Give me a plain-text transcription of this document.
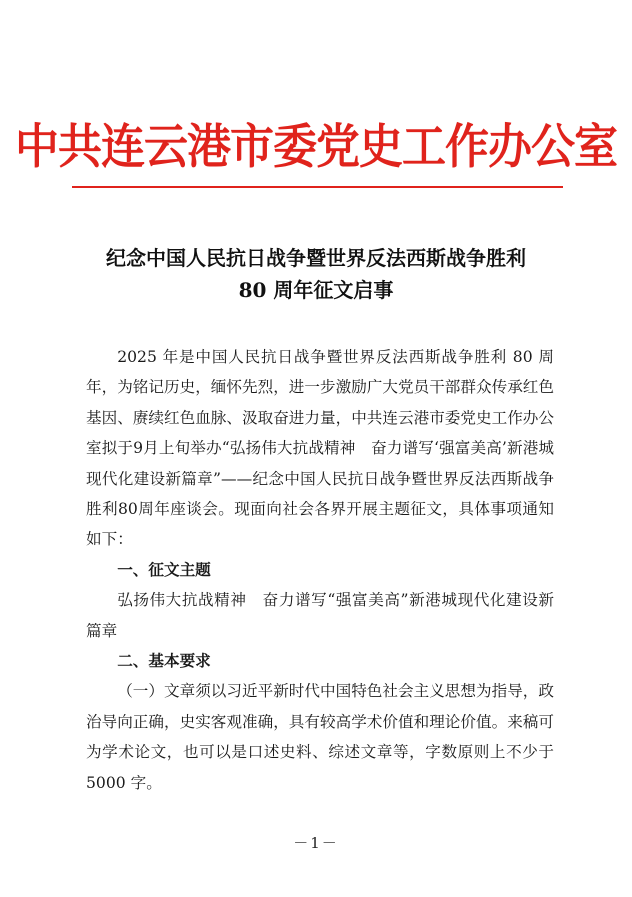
中共连云港市委党史工作办公室
纪念中国人民抗日战争暨世界反法西斯战争胜利
80 周年征文启事

2025 年是中国人民抗日战争暨世界反法西斯战争胜利 80 周年，为铭记历史，缅怀先烈，进一步激励广大党员干部群众传承红色基因、赓续红色血脉、汲取奋进力量，中共连云港市委党史工作办公室拟于9月上旬举办“弘扬伟大抗战精神　奋力谱写‘强富美高’新港城现代化建设新篇章”——纪念中国人民抗日战争暨世界反法西斯战争胜利80周年座谈会。现面向社会各界开展主题征文，具体事项通知如下：

一、征文主题

弘扬伟大抗战精神　奋力谱写“强富美高”新港城现代化建设新篇章

二、基本要求

（一）文章须以习近平新时代中国特色社会主义思想为指导，政治导向正确，史实客观准确，具有较高学术价值和理论价值。来稿可为学术论文，也可以是口述史料、综述文章等，字数原则上不少于 5000 字。

－1－
